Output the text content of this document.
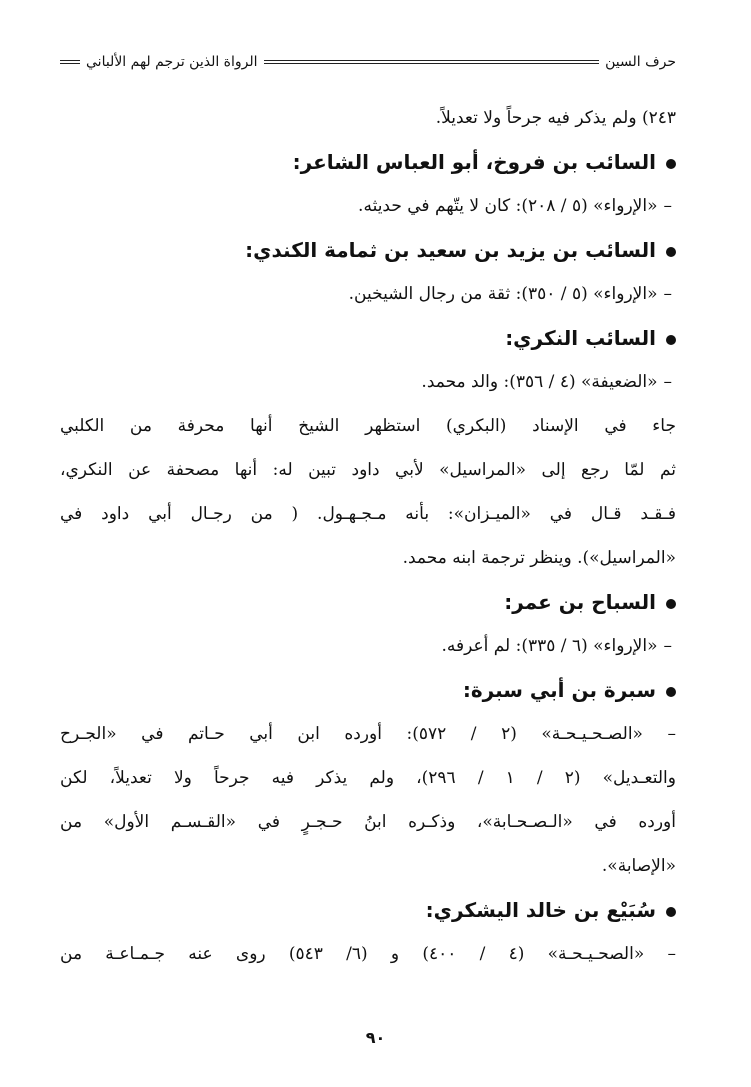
حرف السين
الرواة الذين ترجم لهم الألباني
٢٤٣) ولم يذكر فيه جرحاً ولا تعديلاً.
السائب بن فروخ، أبو العباس الشاعر:
–«الإرواء» (٥ / ٢٠٨): كان لا يتّهم في حديثه.
السائب بن يزيد بن سعيد بن ثمامة الكندي:
–«الإرواء» (٥ / ٣٥٠): ثقة من رجال الشيخين.
السائب النكري:
–«الضعيفة» (٤ / ٣٥٦): والد محمد.
جاء في الإسناد (البكري) استظهر الشيخ أنها محرفة من الكلبي
ثم لمّا رجع إلى «المراسيل» لأبي داود تبين له: أنها مصحفة عن النكري،
فـقـد قـال في «الميـزان»: بأنه مـجـهـول. ( من رجـال أبي داود في
«المراسيل»). وينظر ترجمة ابنه محمد.
السباح بن عمر:
–«الإرواء» (٦ / ٣٣٥): لم أعرفه.
سبرة بن أبي سبرة:
– «الصـحـيـحـة» (٢ / ٥٧٢): أورده ابن أبي حـاتم في «الجـرح
والتعـديل» (٢ / ١ / ٢٩٦)، ولم يذكر فيه جرحاً ولا تعديلاً، لكن
أورده في «الـصـحـابة»، وذكـره ابنُ حـجـرٍ في «القـسـم الأول» من
«الإصابة».
سُبَيْع بن خالد اليشكري:
– «الصحـيـحـة» (٤ / ٤٠٠) و (٦/ ٥٤٣) روى عنه جـمـاعـة من
٩٠
